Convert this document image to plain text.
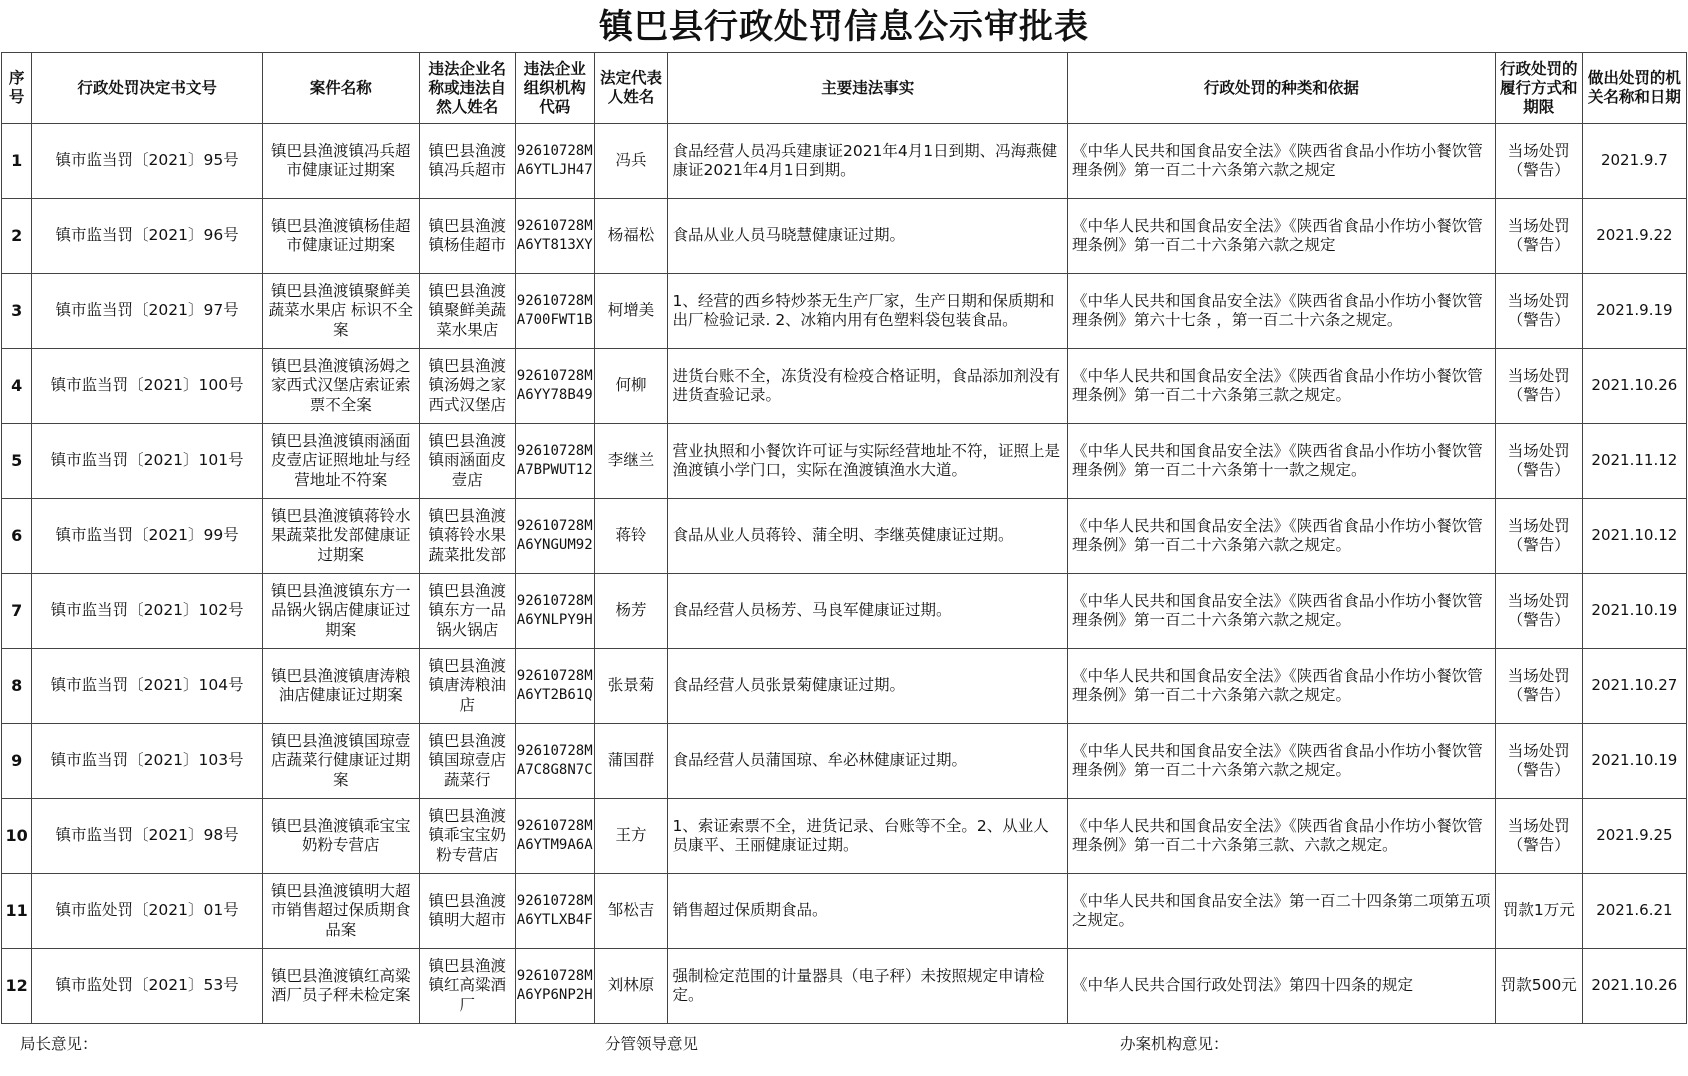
镇巴县行政处罚信息公示审批表
序号	行政处罚决定书文号	案件名称	违法企业名称或违法自然人姓名	违法企业组织机构代码	法定代表人姓名	主要违法事实	行政处罚的种类和依据	行政处罚的履行方式和期限	做出处罚的机关名称和日期
1	镇市监当罚〔2021〕95号	镇巴县渔渡镇冯兵超市健康证过期案	镇巴县渔渡镇冯兵超市	92610728MA6YTLJH47	冯兵	食品经营人员冯兵建康证2021年4月1日到期、冯海燕健康证2021年4月1日到期。	《中华人民共和国食品安全法》《陕西省食品小作坊小餐饮管理条例》第一百二十六条第六款之规定	当场处罚（警告）	2021.9.7
2	镇市监当罚〔2021〕96号	镇巴县渔渡镇杨佳超市健康证过期案	镇巴县渔渡镇杨佳超市	92610728MA6YT813XY	杨福松	食品从业人员马晓慧健康证过期。	《中华人民共和国食品安全法》《陕西省食品小作坊小餐饮管理条例》第一百二十六条第六款之规定	当场处罚（警告）	2021.9.22
3	镇市监当罚〔2021〕97号	镇巴县渔渡镇聚鲜美蔬菜水果店 标识不全案	镇巴县渔渡镇聚鲜美蔬菜水果店	92610728MA700FWT1B	柯增美	1、经营的西乡特炒茶无生产厂家，生产日期和保质期和出厂检验记录. 2、冰箱内用有色塑料袋包装食品。	《中华人民共和国食品安全法》《陕西省食品小作坊小餐饮管理条例》第六十七条 ，第一百二十六条之规定。	当场处罚（警告）	2021.9.19
4	镇市监当罚〔2021〕100号	镇巴县渔渡镇汤姆之家西式汉堡店索证索票不全案	镇巴县渔渡镇汤姆之家西式汉堡店	92610728MA6YY78B49	何柳	进货台账不全，冻货没有检疫合格证明，食品添加剂没有进货查验记录。	《中华人民共和国食品安全法》《陕西省食品小作坊小餐饮管理条例》第一百二十六条第三款之规定。	当场处罚（警告）	2021.10.26
5	镇市监当罚〔2021〕101号	镇巴县渔渡镇雨涵面皮壹店证照地址与经营地址不符案	镇巴县渔渡镇雨涵面皮壹店	92610728MA7BPWUT12	李继兰	营业执照和小餐饮许可证与实际经营地址不符，证照上是渔渡镇小学门口，实际在渔渡镇渔水大道。	《中华人民共和国食品安全法》《陕西省食品小作坊小餐饮管理条例》第一百二十六条第十一款之规定。	当场处罚（警告）	2021.11.12
6	镇市监当罚〔2021〕99号	镇巴县渔渡镇蒋铃水果蔬菜批发部健康证过期案	镇巴县渔渡镇蒋铃水果蔬菜批发部	92610728MA6YNGUM92	蒋铃	食品从业人员蒋铃、蒲全明、李继英健康证过期。	《中华人民共和国食品安全法》《陕西省食品小作坊小餐饮管理条例》第一百二十六条第六款之规定。	当场处罚（警告）	2021.10.12
7	镇市监当罚〔2021〕102号	镇巴县渔渡镇东方一品锅火锅店健康证过期案	镇巴县渔渡镇东方一品锅火锅店	92610728MA6YNLPY9H	杨芳	食品经营人员杨芳、马良军健康证过期。	《中华人民共和国食品安全法》《陕西省食品小作坊小餐饮管理条例》第一百二十六条第六款之规定。	当场处罚（警告）	2021.10.19
8	镇市监当罚〔2021〕104号	镇巴县渔渡镇唐涛粮油店健康证过期案	镇巴县渔渡镇唐涛粮油店	92610728MA6YT2B61Q	张景菊	食品经营人员张景菊健康证过期。	《中华人民共和国食品安全法》《陕西省食品小作坊小餐饮管理条例》第一百二十六条第六款之规定。	当场处罚（警告）	2021.10.27
9	镇市监当罚〔2021〕103号	镇巴县渔渡镇国琼壹店蔬菜行健康证过期案	镇巴县渔渡镇国琼壹店蔬菜行	92610728MA7C8G8N7C	蒲国群	食品经营人员蒲国琼、牟必林健康证过期。	《中华人民共和国食品安全法》《陕西省食品小作坊小餐饮管理条例》第一百二十六条第六款之规定。	当场处罚（警告）	2021.10.19
10	镇市监当罚〔2021〕98号	镇巴县渔渡镇乖宝宝奶粉专营店	镇巴县渔渡镇乖宝宝奶粉专营店	92610728MA6YTM9A6A	王方	1、索证索票不全，进货记录、台账等不全。2、从业人员康平、王丽健康证过期。	《中华人民共和国食品安全法》《陕西省食品小作坊小餐饮管理条例》第一百二十六条第三款、六款之规定。	当场处罚（警告）	2021.9.25
11	镇市监处罚〔2021〕01号	镇巴县渔渡镇明大超市销售超过保质期食品案	镇巴县渔渡镇明大超市	92610728MA6YTLXB4F	邹松吉	销售超过保质期食品。	《中华人民共和国食品安全法》第一百二十四条第二项第五项之规定。	罚款1万元	2021.6.21
12	镇市监处罚〔2021〕53号	镇巴县渔渡镇红高粱酒厂员子秤未检定案	镇巴县渔渡镇红高粱酒厂	92610728MA6YP6NP2H	刘林原	强制检定范围的计量器具（电子秤）未按照规定申请检定。	《中华人民共合国行政处罚法》第四十四条的规定	罚款500元	2021.10.26
局长意见：	分管领导意见	办案机构意见：
